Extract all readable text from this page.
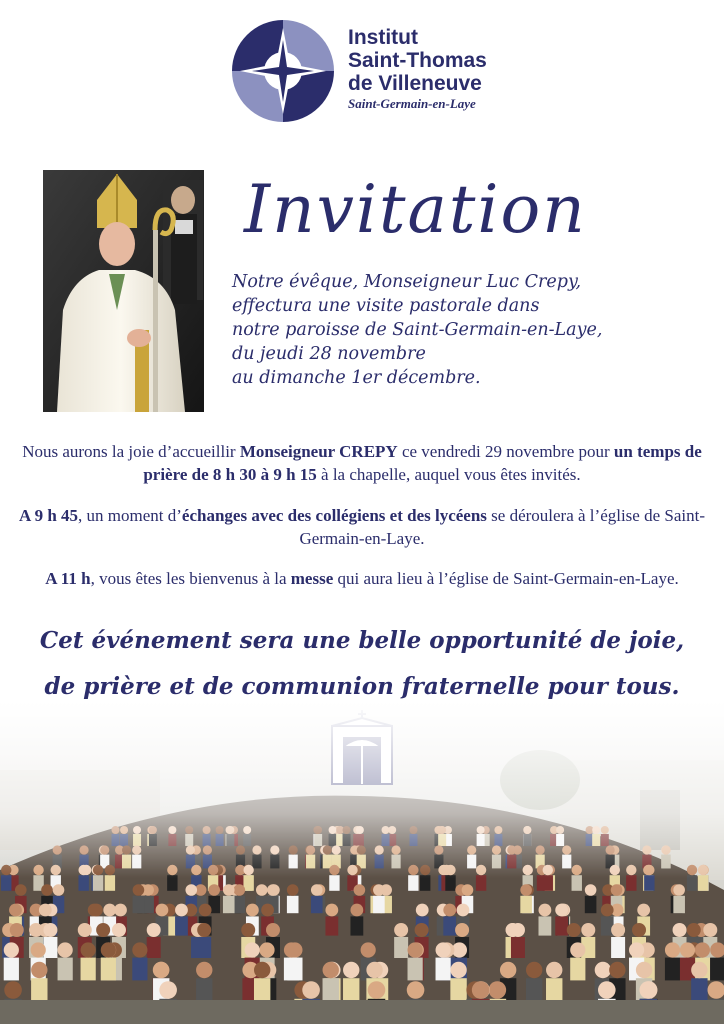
Institut
Saint-Thomas
de Villeneuve
Saint-Germain-en-Laye
Invitation
Notre évêque, Monseigneur Luc Crepy,
effectura une visite pastorale dans
notre paroisse de Saint-Germain-en-Laye,
du jeudi 28 novembre
au dimanche 1er décembre.
Nous aurons la joie d’accueillir Monseigneur CREPY ce vendredi 29 novembre pour un temps de prière de 8 h 30 à 9 h 15 à la chapelle, auquel vous êtes invités.
A 9 h 45, un moment d’échanges avec des collégiens et des lycéens se déroulera à l’église de Saint-Germain-en-Laye.
A 11 h, vous êtes les bienvenus à la messe qui aura lieu à l’église de Saint-Germain-en-Laye.
Cet événement sera une belle opportunité de joie,
de prière et de communion fraternelle pour tous.
